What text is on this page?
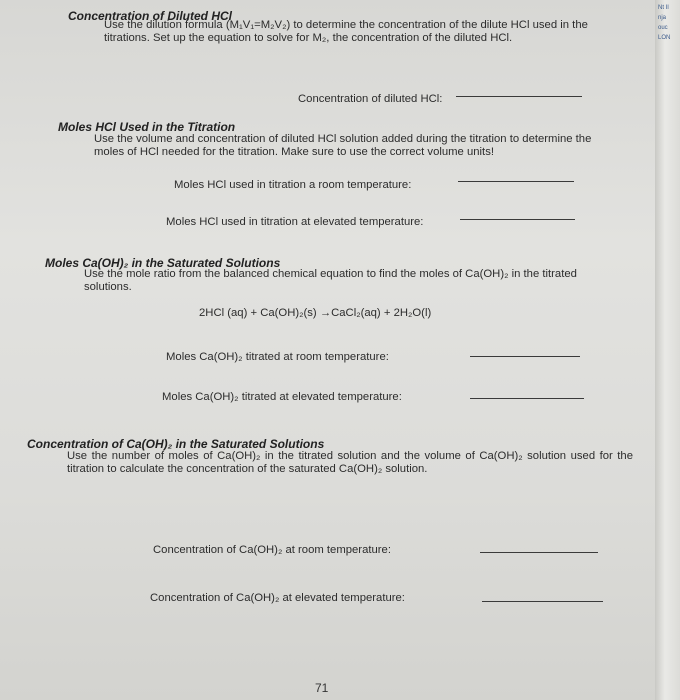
Concentration of Diluted HCl
Use the dilution formula (M₁V₁=M₂V₂) to determine the concentration of the dilute HCl used in the titrations. Set up the equation to solve for M₂, the concentration of the diluted HCl.
Concentration of diluted HCl:
Moles HCl Used in the Titration
Use the volume and concentration of diluted HCl solution added during the titration to determine the moles of HCl needed for the titration. Make sure to use the correct volume units!
Moles HCl used in titration a room temperature:
Moles HCl used in titration at elevated temperature:
Moles Ca(OH)₂ in the Saturated Solutions
Use the mole ratio from the balanced chemical equation to find the moles of Ca(OH)₂ in the titrated solutions.
2HCl (aq) + Ca(OH)₂(s) →CaCl₂(aq) + 2H₂O(l)
Moles Ca(OH)₂ titrated at room temperature:
Moles Ca(OH)₂ titrated at elevated temperature:
Concentration of Ca(OH)₂ in the Saturated Solutions
Use the number of moles of Ca(OH)₂ in the titrated solution and the volume of Ca(OH)₂ solution used for the titration to calculate the concentration of the saturated Ca(OH)₂ solution.
Concentration of Ca(OH)₂ at room temperature:
Concentration of Ca(OH)₂ at elevated temperature:
71
Nt Il
nja
ouc
LON
